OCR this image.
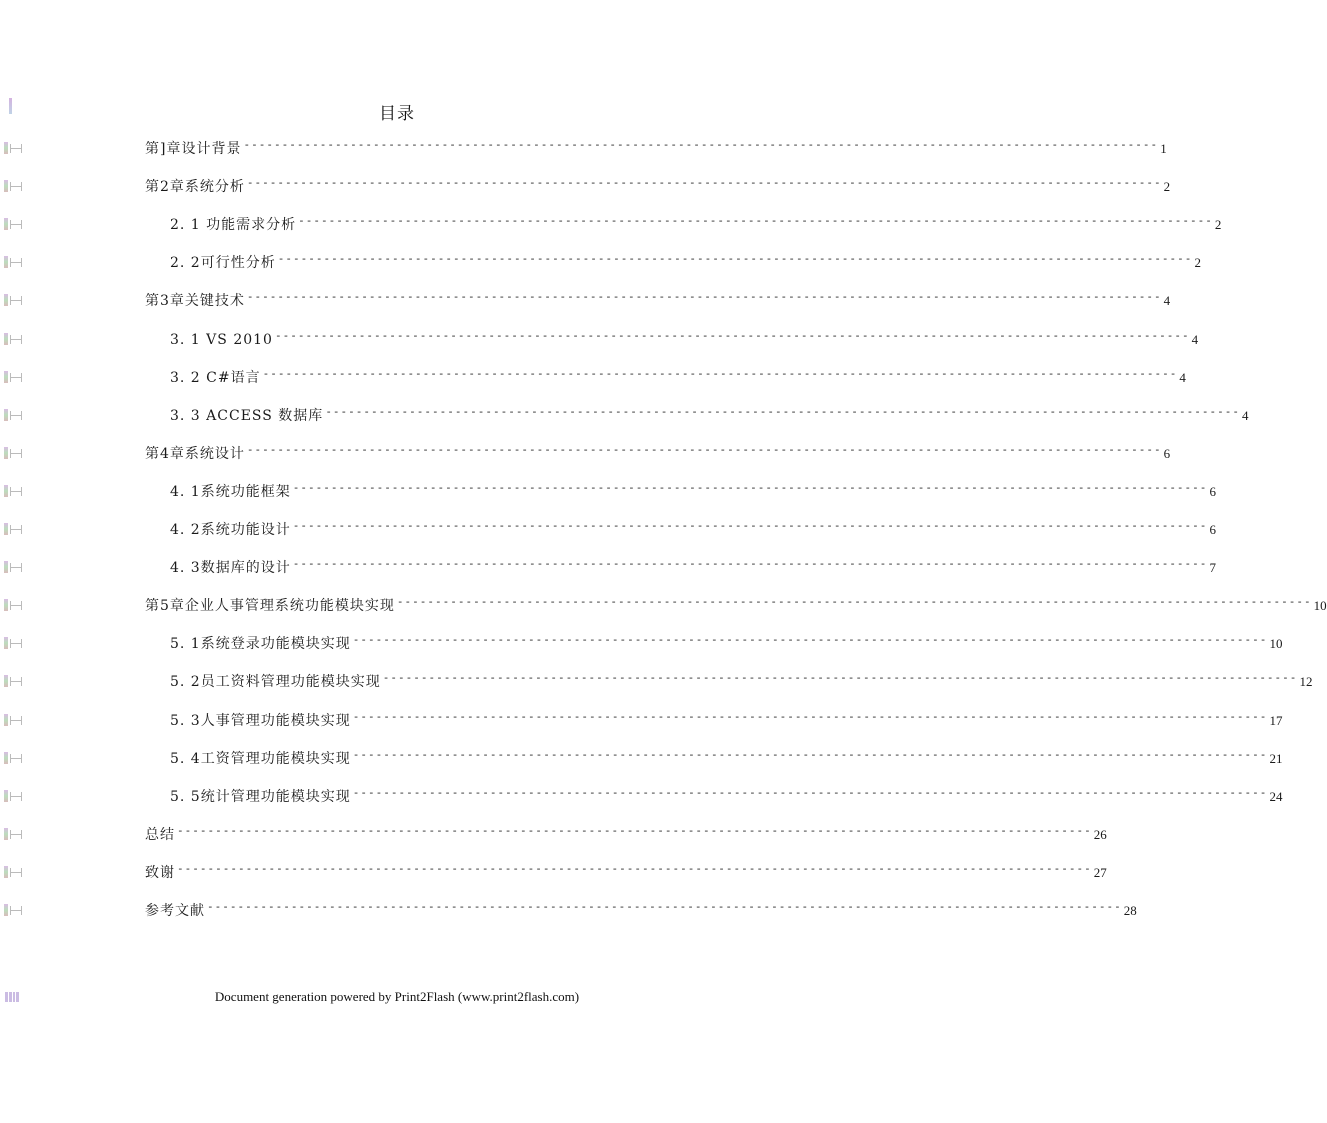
目录
第]章设计背景 ------------------------------------------------------------------------------------------------------------------------ 1
第2章系统分析 ------------------------------------------------------------------------------------------------------------------------ 2
2. 1 功能需求分析 ------------------------------------------------------------------------------------------------------------------------ 2
2. 2可行性分析 ------------------------------------------------------------------------------------------------------------------------ 2
第3章关键技术 ------------------------------------------------------------------------------------------------------------------------ 4
3. 1 VS 2010 ------------------------------------------------------------------------------------------------------------------------ 4
3. 2 C#语言 ------------------------------------------------------------------------------------------------------------------------ 4
3. 3 ACCESS 数据库 ------------------------------------------------------------------------------------------------------------------------ 4
第4章系统设计 ------------------------------------------------------------------------------------------------------------------------ 6
4. 1系统功能框架 ------------------------------------------------------------------------------------------------------------------------ 6
4. 2系统功能设计 ------------------------------------------------------------------------------------------------------------------------ 6
4. 3数据库的设计 ------------------------------------------------------------------------------------------------------------------------ 7
第5章企业人事管理系统功能模块实现 ------------------------------------------------------------------------------------------------------------------------ 10
5. 1系统登录功能模块实现 ------------------------------------------------------------------------------------------------------------------------ 10
5. 2员工资料管理功能模块实现 ------------------------------------------------------------------------------------------------------------------------ 12
5. 3人事管理功能模块实现 ------------------------------------------------------------------------------------------------------------------------ 17
5. 4工资管理功能模块实现 ------------------------------------------------------------------------------------------------------------------------ 21
5. 5统计管理功能模块实现 ------------------------------------------------------------------------------------------------------------------------ 24
总结 ------------------------------------------------------------------------------------------------------------------------ 26
致谢 ------------------------------------------------------------------------------------------------------------------------ 27
参考文献 ------------------------------------------------------------------------------------------------------------------------ 28
Document generation powered by Print2Flash (www.print2flash.com)
